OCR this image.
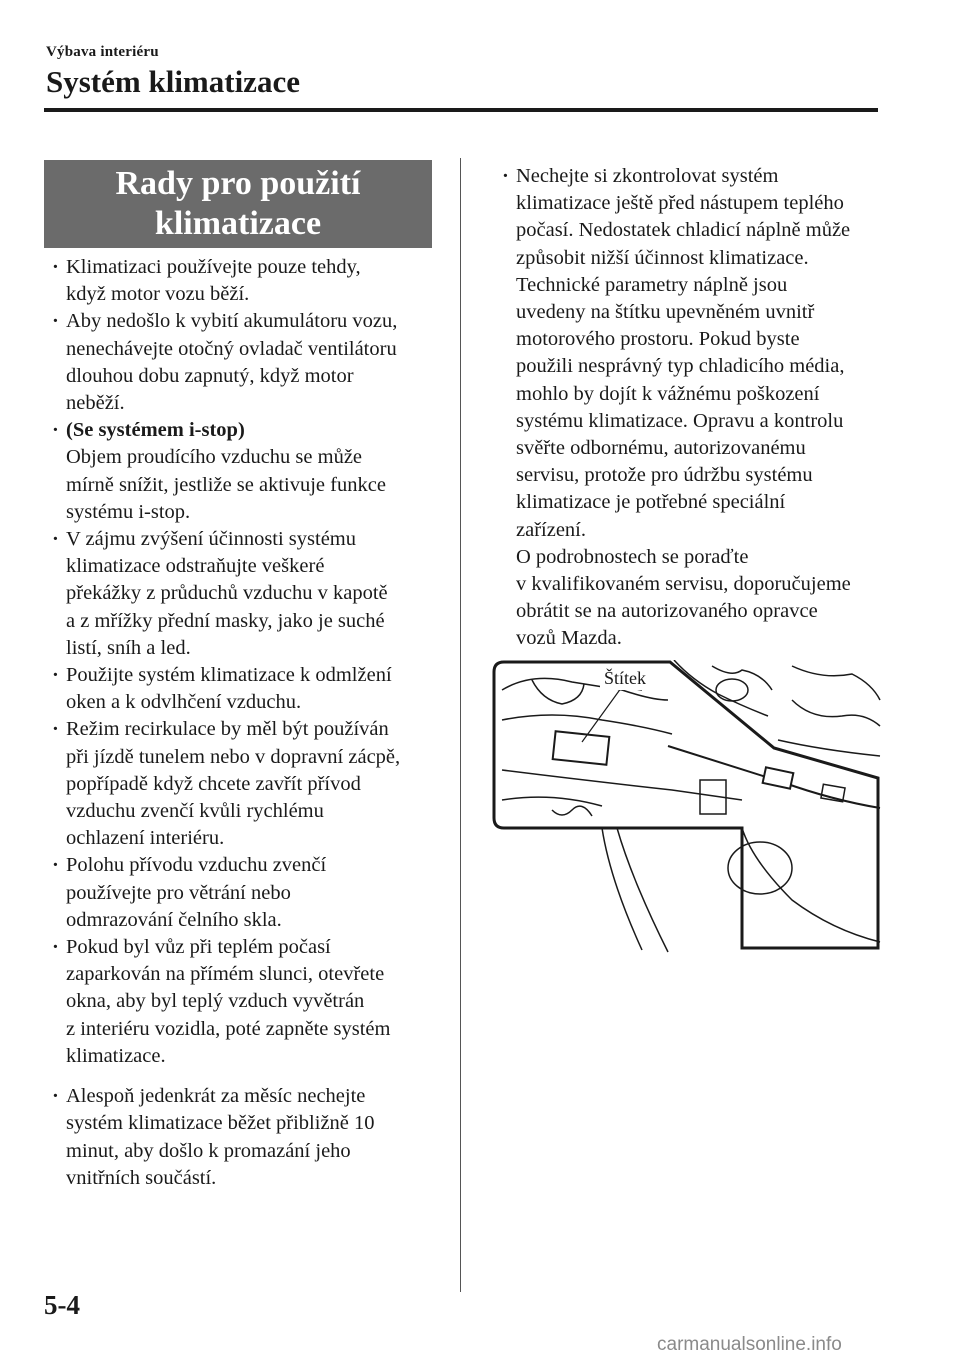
Výbava interiéru
Systém klimatizace
Rady pro použití
klimatizace
· Klimatizaci používejte pouze tehdy,
když motor vozu běží.
· Aby nedošlo k vybití akumulátoru vozu,
nenechávejte otočný ovladač ventilátoru
dlouhou dobu zapnutý, když motor
neběží.
· (Se systémem i-stop)
Objem proudícího vzduchu se může
mírně snížit, jestliže se aktivuje funkce
systému i-stop.
· V zájmu zvýšení účinnosti systému
klimatizace odstraňujte veškeré
překážky z průduchů vzduchu v kapotě
a z mřížky přední masky, jako je suché
listí, sníh a led.
· Použijte systém klimatizace k odmlžení
oken a k odvlhčení vzduchu.
· Režim recirkulace by měl být používán
při jízdě tunelem nebo v dopravní zácpě,
popřípadě když chcete zavřít přívod
vzduchu zvenčí kvůli rychlému
ochlazení interiéru.
· Polohu přívodu vzduchu zvenčí
používejte pro větrání nebo
odmrazování čelního skla.
· Pokud byl vůz při teplém počasí
zaparkován na přímém slunci, otevřete
okna, aby byl teplý vzduch vyvětrán
z interiéru vozidla, poté zapněte systém
klimatizace.
· Alespoň jedenkrát za měsíc nechejte
systém klimatizace běžet přibližně 10
minut, aby došlo k promazání jeho
vnitřních součástí.
· Nechejte si zkontrolovat systém
klimatizace ještě před nástupem teplého
počasí. Nedostatek chladicí náplně může
způsobit nižší účinnost klimatizace.
Technické parametry náplně jsou
uvedeny na štítku upevněném uvnitř
motorového prostoru. Pokud byste
použili nesprávný typ chladicího média,
mohlo by dojít k vážnému poškození
systému klimatizace. Opravu a kontrolu
svěřte odbornému, autorizovanému
servisu, protože pro údržbu systému
klimatizace je potřebné speciální
zařízení.
O podrobnostech se poraďte
v kvalifikovaném servisu, doporučujeme
obrátit se na autorizovaného opravce
vozů Mazda.
Štítek
5-4
carmanualsonline.info
